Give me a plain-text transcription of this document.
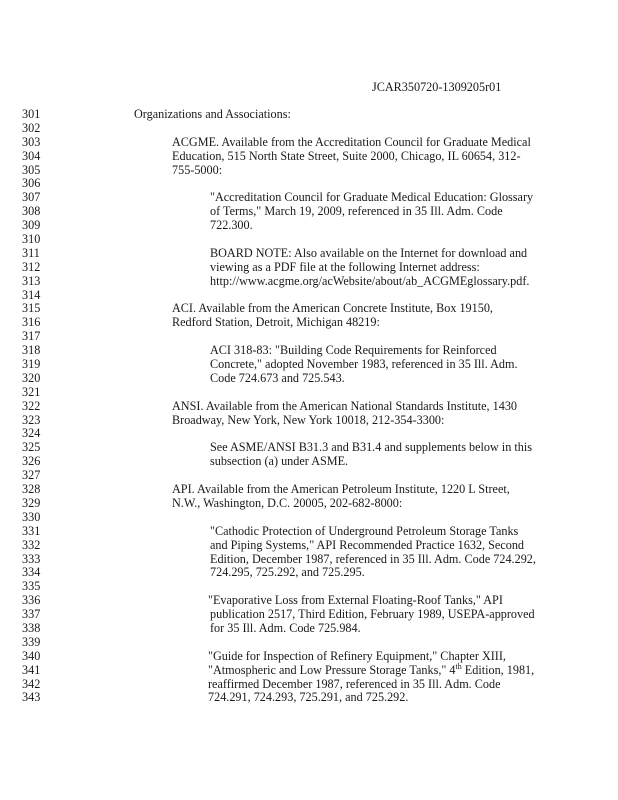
JCAR350720-1309205r01
301	Organizations and Associations:
302
303	ACGME. Available from the Accreditation Council for Graduate Medical
304	Education, 515 North State Street, Suite 2000, Chicago, IL 60654, 312-
305	755-5000:
306
307	"Accreditation Council for Graduate Medical Education: Glossary
308	of Terms," March 19, 2009, referenced in 35 Ill. Adm. Code
309	722.300.
310
311	BOARD NOTE: Also available on the Internet for download and
312	viewing as a PDF file at the following Internet address:
313	http://www.acgme.org/acWebsite/about/ab_ACGMEglossary.pdf.
314
315	ACI. Available from the American Concrete Institute, Box 19150,
316	Redford Station, Detroit, Michigan 48219:
317
318	ACI 318-83: "Building Code Requirements for Reinforced
319	Concrete," adopted November 1983, referenced in 35 Ill. Adm.
320	Code 724.673 and 725.543.
321
322	ANSI. Available from the American National Standards Institute, 1430
323	Broadway, New York, New York 10018, 212-354-3300:
324
325	See ASME/ANSI B31.3 and B31.4 and supplements below in this
326	subsection (a) under ASME.
327
328	API. Available from the American Petroleum Institute, 1220 L Street,
329	N.W., Washington, D.C. 20005, 202-682-8000:
330
331	"Cathodic Protection of Underground Petroleum Storage Tanks
332	and Piping Systems," API Recommended Practice 1632, Second
333	Edition, December 1987, referenced in 35 Ill. Adm. Code 724.292,
334	724.295, 725.292, and 725.295.
335
336	"Evaporative Loss from External Floating-Roof Tanks," API
337	publication 2517, Third Edition, February 1989, USEPA-approved
338	for 35 Ill. Adm. Code 725.984.
339
340	"Guide for Inspection of Refinery Equipment," Chapter XIII,
341	"Atmospheric and Low Pressure Storage Tanks," 4th Edition, 1981,
342	reaffirmed December 1987, referenced in 35 Ill. Adm. Code
343	724.291, 724.293, 725.291, and 725.292.
